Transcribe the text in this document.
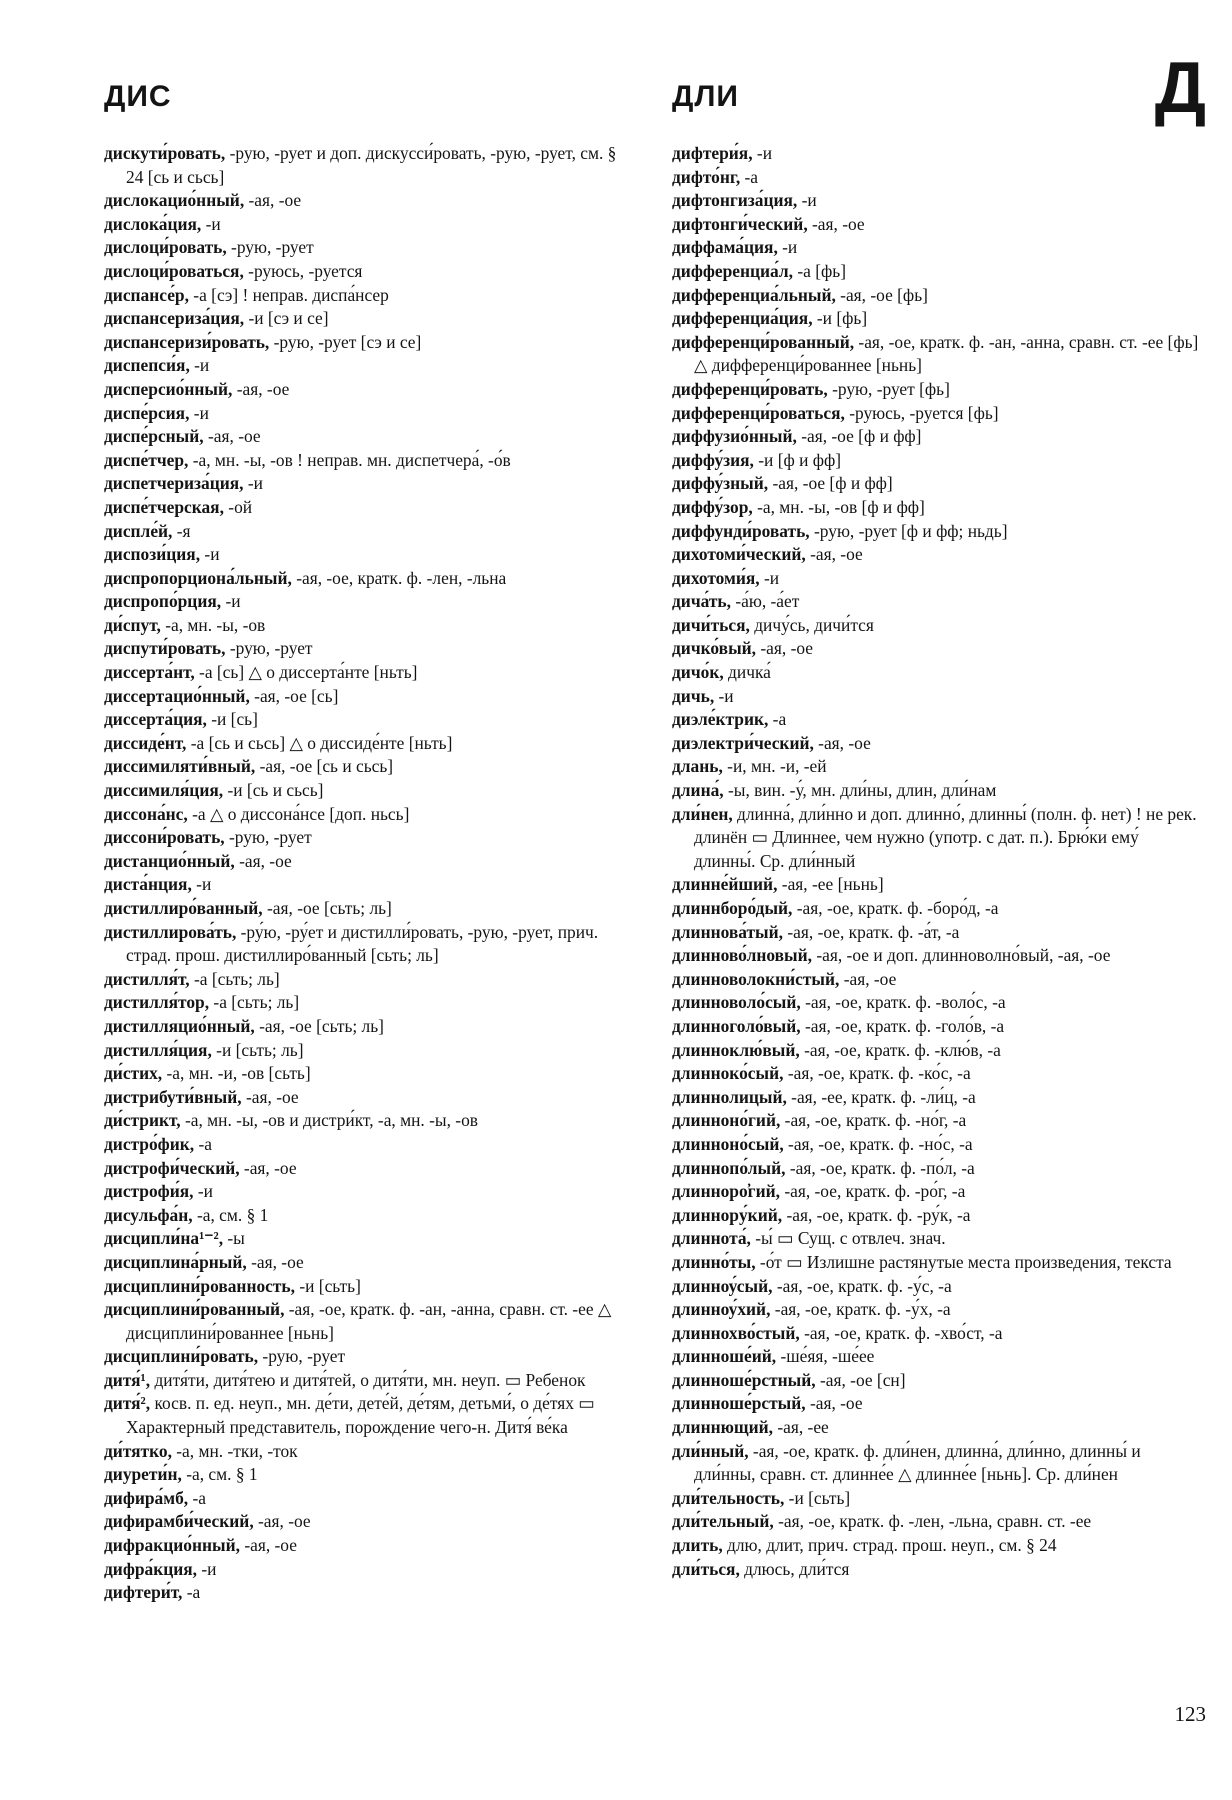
ДИС	ДЛИ	Д
дискути́ровать, -рую, -рует и доп. дискусси́ровать, -рую, -рует, см. § 24 [сь и сьсь]
дислокацио́нный, -ая, -ое
дислока́ция, -и
дислоци́ровать, -рую, -рует
дислоци́роваться, -руюсь, -руется
диспансе́р, -а [сэ] ! неправ. диспа́нсер
диспансериза́ция, -и [сэ и се]
диспансеризи́ровать, -рую, -рует [сэ и се]
диспепси́я, -и
дисперсио́нный, -ая, -ое
диспе́рсия, -и
диспе́рсный, -ая, -ое
диспе́тчер, -а, мн. -ы, -ов ! неправ. мн. диспетчера́, -о́в
диспетчериза́ция, -и
диспе́тчерская, -ой
диспле́й, -я
диспози́ция, -и
диспропорциона́льный, -ая, -ое, кратк. ф. -лен, -льна
диспропо́рция, -и
ди́спут, -а, мн. -ы, -ов
диспути́ровать, -рую, -рует
диссерта́нт, -а [сь] △ о диссерта́нте [ньть]
диссертацио́нный, -ая, -ое [сь]
диссерта́ция, -и [сь]
диссиде́нт, -а [сь и сьсь] △ о диссиде́нте [ньть]
диссимиляти́вный, -ая, -ое [сь и сьсь]
диссимиля́ция, -и [сь и сьсь]
диссона́нс, -а △ о диссона́нсе [доп. ньсь]
диссони́ровать, -рую, -рует
дистанцио́нный, -ая, -ое
диста́нция, -и
дистиллиро́ванный, -ая, -ое [сьть; ль]
дистиллирова́ть, -ру́ю, -ру́ет и дистилли́ровать, -рую, -рует, прич. страд. прош. дистиллиро́ванный [сьть; ль]
дистилля́т, -а [сьть; ль]
дистилля́тор, -а [сьть; ль]
дистилляцио́нный, -ая, -ое [сьть; ль]
дистилля́ция, -и [сьть; ль]
ди́стих, -а, мн. -и, -ов [сьть]
дистрибути́вный, -ая, -ое
ди́стрикт, -а, мн. -ы, -ов и дистри́кт, -а, мн. -ы, -ов
дистро́фик, -а
дистрофи́ческий, -ая, -ое
дистрофи́я, -и
дисульфа́н, -а, см. § 1
дисципли́на¹⁻², -ы
дисциплина́рный, -ая, -ое
дисциплини́рованность, -и [сьть]
дисциплини́рованный, -ая, -ое, кратк. ф. -ан, -анна, сравн. ст. -ее △ дисциплини́рованнее [ньнь]
дисциплини́ровать, -рую, -рует
дитя́¹, дитя́ти, дитя́тею и дитя́тей, о дитя́ти, мн. неуп. ▭ Ребенок
дитя́², косв. п. ед. неуп., мн. де́ти, дете́й, де́тям, детьми́, о де́тях ▭ Характерный представитель, порождение чего-н. Дитя́ ве́ка
ди́тятко, -а, мн. -тки, -ток
диурети́н, -а, см. § 1
дифира́мб, -а
дифирамби́ческий, -ая, -ое
дифракцио́нный, -ая, -ое
дифра́кция, -и
дифтери́т, -а
дифтери́я, -и
дифто́нг, -а
дифтонгиза́ция, -и
дифтонги́ческий, -ая, -ое
диффама́ция, -и
дифференциа́л, -а [фь]
дифференциа́льный, -ая, -ое [фь]
дифференциа́ция, -и [фь]
дифференци́рованный, -ая, -ое, кратк. ф. -ан, -анна, сравн. ст. -ее [фь] △ дифференци́рованнее [ньнь]
дифференци́ровать, -рую, -рует [фь]
дифференци́роваться, -руюсь, -руется [фь]
диффузио́нный, -ая, -ое [ф и фф]
диффу́зия, -и [ф и фф]
диффу́зный, -ая, -ое [ф и фф]
диффу́зор, -а, мн. -ы, -ов [ф и фф]
диффунди́ровать, -рую, -рует [ф и фф; ньдь]
дихотоми́ческий, -ая, -ое
дихотоми́я, -и
дича́ть, -а́ю, -а́ет
дичи́ться, дичу́сь, дичи́тся
дичко́вый, -ая, -ое
дичо́к, дичка́
дичь, -и
диэле́ктрик, -а
диэлектри́ческий, -ая, -ое
длань, -и, мн. -и, -ей
длина́, -ы, вин. -у́, мн. дли́ны, длин, дли́нам
дли́нен, длинна́, дли́нно и доп. длинно́, длинны́ (полн. ф. нет) ! не рек. длинён ▭ Длиннее, чем нужно (употр. с дат. п.). Брю́ки ему́ длинны́. Ср. дли́нный
длинне́йший, -ая, -ее [ньнь]
длиннборо́дый, -ая, -ое, кратк. ф. -боро́д, -а
длиннова́тый, -ая, -ое, кратк. ф. -а́т, -а
длинново́лновый, -ая, -ое и доп. длинноволно́вый, -ая, -ое
длинноволокни́стый, -ая, -ое
длинноволо́сый, -ая, -ое, кратк. ф. -воло́с, -а
длинноголо́вый, -ая, -ое, кратк. ф. -голо́в, -а
длинноклю́вый, -ая, -ое, кратк. ф. -клю́в, -а
длинноко́сый, -ая, -ое, кратк. ф. -ко́с, -а
длиннолицый, -ая, -ее, кратк. ф. -ли́ц, -а
длинноно́гий, -ая, -ое, кратк. ф. -но́г, -а
длинноно́сый, -ая, -ое, кратк. ф. -но́с, -а
длиннопо́лый, -ая, -ое, кратк. ф. -по́л, -а
длиннорo̕гий, -ая, -ое, кратк. ф. -ро́г, -а
длинноpу́кий, -ая, -ое, кратк. ф. -ру́к, -а
длиннота́, -ы́ ▭ Сущ. с отвлеч. знач.
длинно́ты, -о́т ▭ Излишне растянутые места произведения, текста
длинноу́сый, -ая, -ое, кратк. ф. -у́с, -а
длинноу́хий, -ая, -ое, кратк. ф. -у́х, -а
длиннохво́стый, -ая, -ое, кратк. ф. -хво́ст, -а
длинноше́ий, -ше́яя, -ше́ее
длинноше́рстный, -ая, -ое [сн]
длинноше́рстый, -ая, -ое
длиннющий, -ая, -ее
дли́нный, -ая, -ое, кратк. ф. дли́нен, длинна́, дли́нно, длинны́ и дли́нны, сравн. ст. длинне́е △ длинне́е [ньнь]. Ср. дли́нен
дли́тельность, -и [сьть]
дли́тельный, -ая, -ое, кратк. ф. -лен, -льна, сравн. ст. -ее
длить, длю, длит, прич. страд. прош. неуп., см. § 24
дли́ться, длюсь, дли́тся
123
